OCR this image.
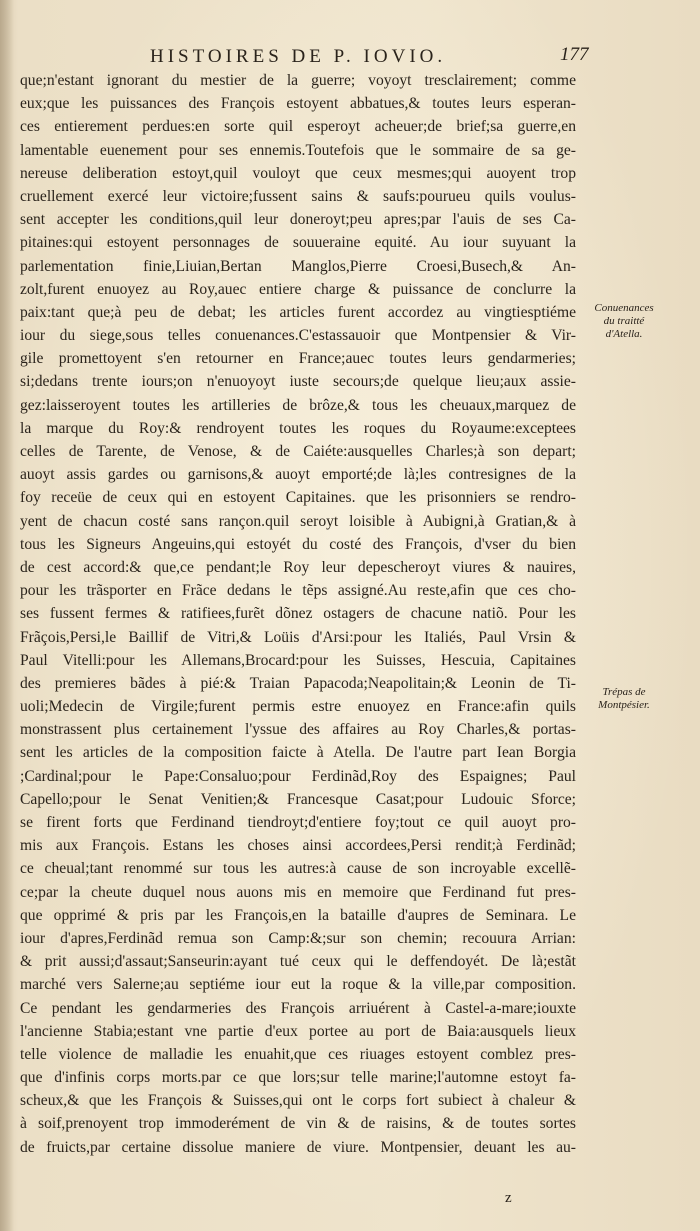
HISTOIRES DE P. IOVIO.	177
que;n'estant ignorant du mestier de la guerre; voyoyt tresclairement; comme
eux;que les puissances des François estoyent abbatues,& toutes leurs esperan-
ces entierement perdues:en sorte quil esperoyt acheuer;de brief;sa guerre,en
lamentable euenement pour ses ennemis.Toutefois que le sommaire de sa ge-
nereuse deliberation estoyt,quil vouloyt que ceux mesmes;qui auoyent trop
cruellement exercé leur victoire;fussent sains & saufs:pourueu quils voulus-
sent accepter les conditions,quil leur doneroyt;peu apres;par l'auis de ses Ca-
pitaines:qui estoyent personnages de souueraine equité. Au iour suyuant la
parlementation finie,Liuian,Bertan Manglos,Pierre Croesi,Busech,& An-
zolt,furent enuoyez au Roy,auec entiere charge & puissance de conclurre la
paix:tant que;à peu de debat; les articles furent accordez au vingtiesptiéme
iour du siege,sous telles conuenances.C'estassauoir que Montpensier & Vir-
gile promettoyent s'en retourner en France;auec toutes leurs gendarmeries;
si;dedans trente iours;on n'enuoyoyt iuste secours;de quelque lieu;aux assie-
gez:laisseroyent toutes les artilleries de brôze,& tous les cheuaux,marquez de
la marque du Roy:& rendroyent toutes les roques du Royaume:exceptees
celles de Tarente, de Venose, & de Caiéte:ausquelles Charles;à son depart;
auoyt assis gardes ou garnisons,& auoyt emporté;de là;les contresignes de la
foy receüe de ceux qui en estoyent Capitaines. que les prisonniers se rendro-
yent de chacun costé sans rançon.quil seroyt loisible à Aubigni,à Gratian,& à
tous les Signeurs Angeuins,qui estoyét du costé des François, d'vser du bien
de cest accord:& que,ce pendant;le Roy leur depescheroyt viures & nauires,
pour les trãsporter en Frãce dedans le tẽps assigné.Au reste,afin que ces cho-
ses fussent fermes & ratifiees,furẽt dõnez ostagers de chacune natiõ. Pour les
Frãçois,Persi,le Baillif de Vitri,& Loüis d'Arsi:pour les Italiés, Paul Vrsin &
Paul Vitelli:pour les Allemans,Brocard:pour les Suisses, Hescuia, Capitaines
des premieres bãdes à pié:& Traian Papacoda;Neapolitain;& Leonin de Ti-
uoli;Medecin de Virgile;furent permis estre enuoyez en France:afin quils
monstrassent plus certainement l'yssue des affaires au Roy Charles,& portas-
sent les articles de la composition faicte à Atella. De l'autre part Iean Borgia
;Cardinal;pour le Pape:Consaluo;pour Ferdinãd,Roy des Espaignes; Paul
Capello;pour le Senat Venitien;& Francesque Casat;pour Ludouic Sforce;
se firent forts que Ferdinand tiendroyt;d'entiere foy;tout ce quil auoyt pro-
mis aux François. Estans les choses ainsi accordees,Persi rendit;à Ferdinãd;
ce cheual;tant renommé sur tous les autres:à cause de son incroyable excellẽ-
ce;par la cheute duquel nous auons mis en memoire que Ferdinand fut pres-
que opprimé & pris par les François,en la bataille d'aupres de Seminara. Le
iour d'apres,Ferdinãd remua son Camp:&;sur son chemin; recouura Arrian:
& prit aussi;d'assaut;Sanseurin:ayant tué ceux qui le deffendoyét. De là;estãt
marché vers Salerne;au septiéme iour eut la roque & la ville,par composition.
Ce pendant les gendarmeries des François arriuérent à Castel-a-mare;iouxte
l'ancienne Stabia;estant vne partie d'eux portee au port de Baia:ausquels lieux
telle violence de malladie les enuahit,que ces riuages estoyent comblez pres-
que d'infinis corps morts.par ce que lors;sur telle marine;l'automne estoyt fa-
scheux,& que les François & Suisses,qui ont le corps fort subiect à chaleur &
à soif,prenoyent trop immoderément de vin & de raisins, & de toutes sortes
de fruicts,par certaine dissolue maniere de viure. Montpensier, deuant les au-
Conuenances
du traitté
d'Atella.
Trépas de
Montpésier.
z
